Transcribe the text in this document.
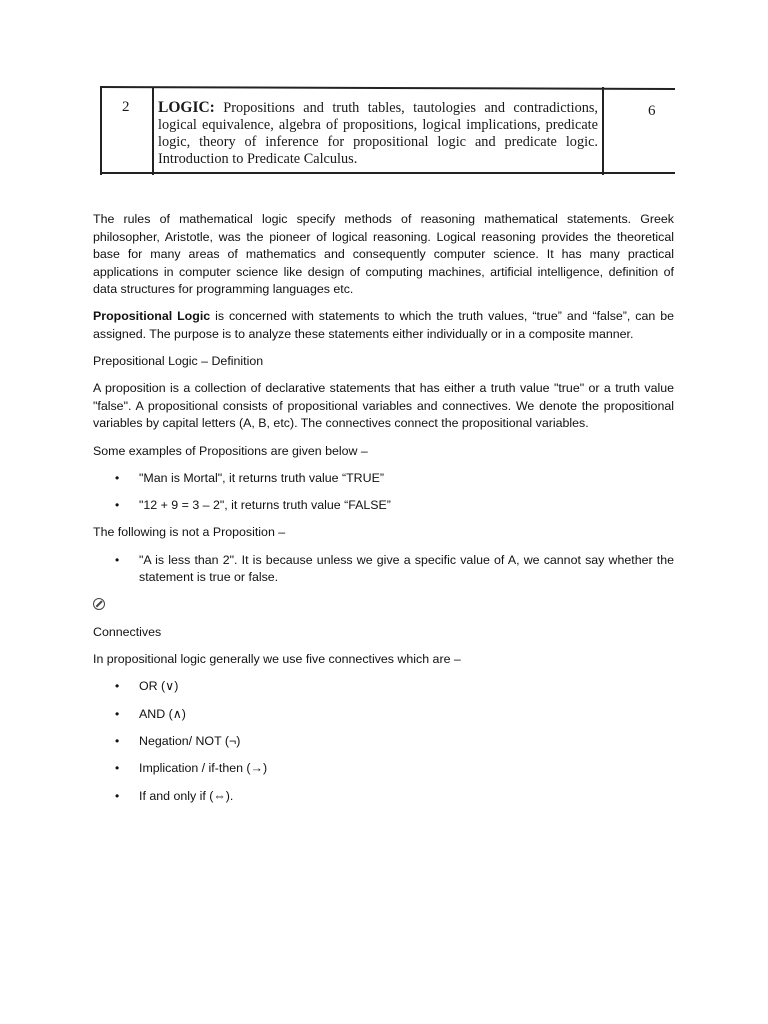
2 LOGIC: Propositions and truth tables, tautologies and contradictions, logical equivalence, algebra of propositions, logical implications, predicate logic, theory of inference for propositional logic and predicate logic. Introduction to Predicate Calculus.
6

The rules of mathematical logic specify methods of reasoning mathematical statements. Greek philosopher, Aristotle, was the pioneer of logical reasoning. Logical reasoning provides the theoretical base for many areas of mathematics and consequently computer science. It has many practical applications in computer science like design of computing machines, artificial intelligence, definition of data structures for programming languages etc.

Propositional Logic is concerned with statements to which the truth values, “true” and “false”, can be assigned. The purpose is to analyze these statements either individually or in a composite manner.

Prepositional Logic – Definition

A proposition is a collection of declarative statements that has either a truth value "true" or a truth value "false". A propositional consists of propositional variables and connectives. We denote the propositional variables by capital letters (A, B, etc). The connectives connect the propositional variables.

Some examples of Propositions are given below –

• "Man is Mortal", it returns truth value “TRUE”
• "12 + 9 = 3 – 2", it returns truth value “FALSE”

The following is not a Proposition –

• "A is less than 2". It is because unless we give a specific value of A, we cannot say whether the statement is true or false.

Connectives

In propositional logic generally we use five connectives which are –

• OR (∨)
• AND (∧)
• Negation/ NOT (¬)
• Implication / if-then (→)
• If and only if (⇔).
